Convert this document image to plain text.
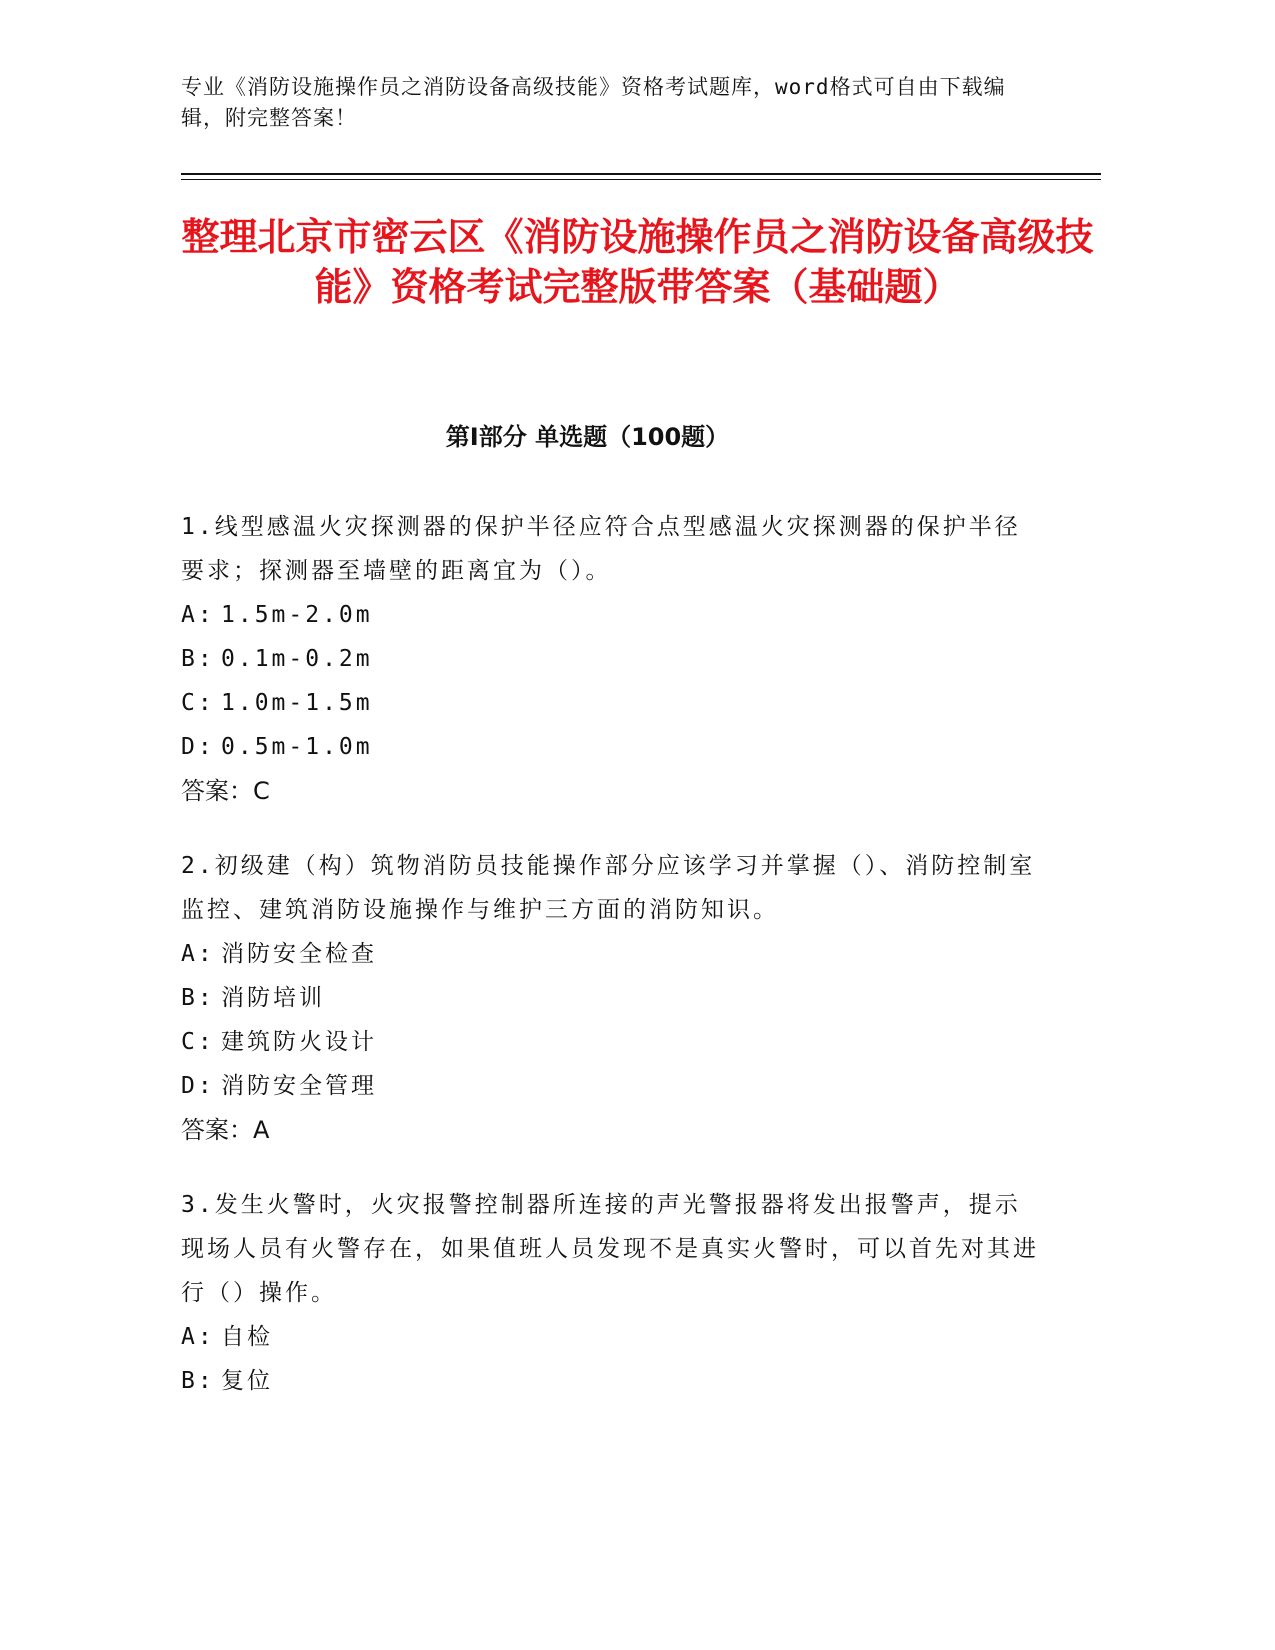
专业《消防设施操作员之消防设备高级技能》资格考试题库，word格式可自由下载编辑，附完整答案！
整理北京市密云区《消防设施操作员之消防设备高级技能》资格考试完整版带答案（基础题）
第Ⅰ部分 单选题（100题）

1.线型感温火灾探测器的保护半径应符合点型感温火灾探测器的保护半径要求；探测器至墙壁的距离宜为（）。

A: 1.5m-2.0m

B: 0.1m-0.2m

C: 1.0m-1.5m

D: 0.5m-1.0m

答案：C

2.初级建（构）筑物消防员技能操作部分应该学习并掌握（）、消防控制室监控、建筑消防设施操作与维护三方面的消防知识。

A: 消防安全检查

B: 消防培训

C: 建筑防火设计

D: 消防安全管理

答案：A

3.发生火警时，火灾报警控制器所连接的声光警报器将发出报警声，提示现场人员有火警存在，如果值班人员发现不是真实火警时，可以首先对其进行（）操作。

A: 自检

B: 复位
